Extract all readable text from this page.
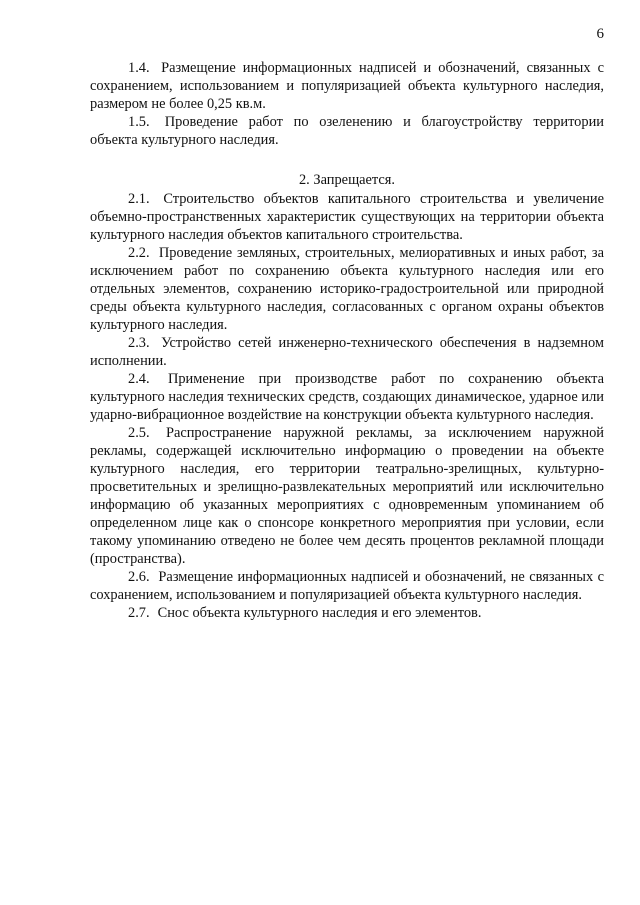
6

1.4. Размещение информационных надписей и обозначений, связанных с сохранением, использованием и популяризацией объекта культурного наследия, размером не более 0,25 кв.м.

1.5. Проведение работ по озеленению и благоустройству территории объекта культурного наследия.

2. Запрещается.

2.1. Строительство объектов капитального строительства и увеличение объемно-пространственных характеристик существующих на территории объекта культурного наследия объектов капитального строительства.

2.2. Проведение земляных, строительных, мелиоративных и иных работ, за исключением работ по сохранению объекта культурного наследия или его отдельных элементов, сохранению историко-градостроительной или природной среды объекта культурного наследия, согласованных с органом охраны объектов культурного наследия.

2.3. Устройство сетей инженерно-технического обеспечения в надземном исполнении.

2.4. Применение при производстве работ по сохранению объекта культурного наследия технических средств, создающих динамическое, ударное или ударно-вибрационное воздействие на конструкции объекта культурного наследия.

2.5. Распространение наружной рекламы, за исключением наружной рекламы, содержащей исключительно информацию о проведении на объекте культурного наследия, его территории театрально-зрелищных, культурно-просветительных и зрелищно-развлекательных мероприятий или исключительно информацию об указанных мероприятиях с одновременным упоминанием об определенном лице как о спонсоре конкретного мероприятия при условии, если такому упоминанию отведено не более чем десять процентов рекламной площади (пространства).

2.6. Размещение информационных надписей и обозначений, не связанных с сохранением, использованием и популяризацией объекта культурного наследия.

2.7. Снос объекта культурного наследия и его элементов.
